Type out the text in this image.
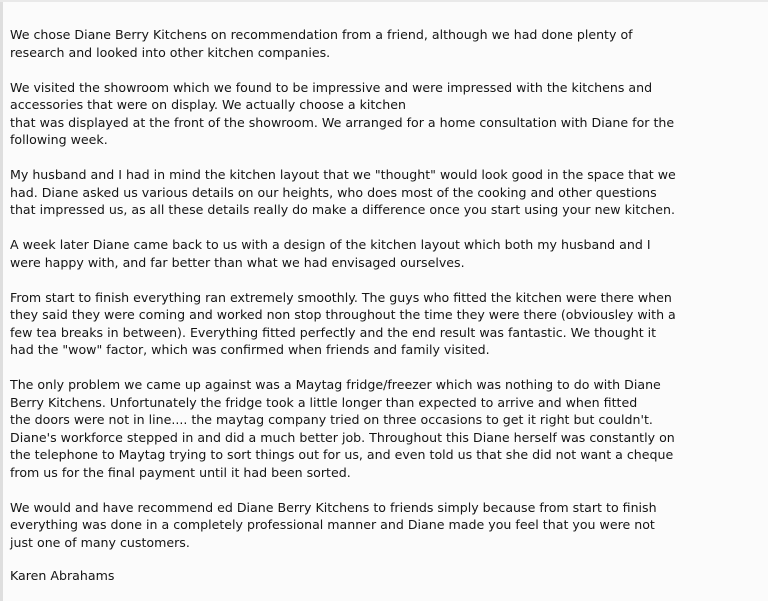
We chose Diane Berry Kitchens on recommendation from a friend, although we had done plenty of
research and looked into other kitchen companies.

We visited the showroom which we found to be impressive and were impressed with the kitchens and
accessories that were on display. We actually choose a kitchen
that was displayed at the front of the showroom. We arranged for a home consultation with Diane for the
following week.

My husband and I had in mind the kitchen layout that we "thought" would look good in the space that we
had. Diane asked us various details on our heights, who does most of the cooking and other questions
that impressed us, as all these details really do make a difference once you start using your new kitchen.

A week later Diane came back to us with a design of the kitchen layout which both my husband and I
were happy with, and far better than what we had envisaged ourselves.

From start to finish everything ran extremely smoothly. The guys who fitted the kitchen were there when
they said they were coming and worked non stop throughout the time they were there (obviousley with a
few tea breaks in between). Everything fitted perfectly and the end result was fantastic. We thought it
had the "wow" factor, which was confirmed when friends and family visited.

The only problem we came up against was a Maytag fridge/freezer which was nothing to do with Diane
Berry Kitchens. Unfortunately the fridge took a little longer than expected to arrive and when fitted
the doors were not in line.... the maytag company tried on three occasions to get it right but couldn't.
Diane's workforce stepped in and did a much better job. Throughout this Diane herself was constantly on
the telephone to Maytag trying to sort things out for us, and even told us that she did not want a cheque
from us for the final payment until it had been sorted.

We would and have recommend ed Diane Berry Kitchens to friends simply because from start to finish
everything was done in a completely professional manner and Diane made you feel that you were not
just one of many customers.

Karen Abrahams
